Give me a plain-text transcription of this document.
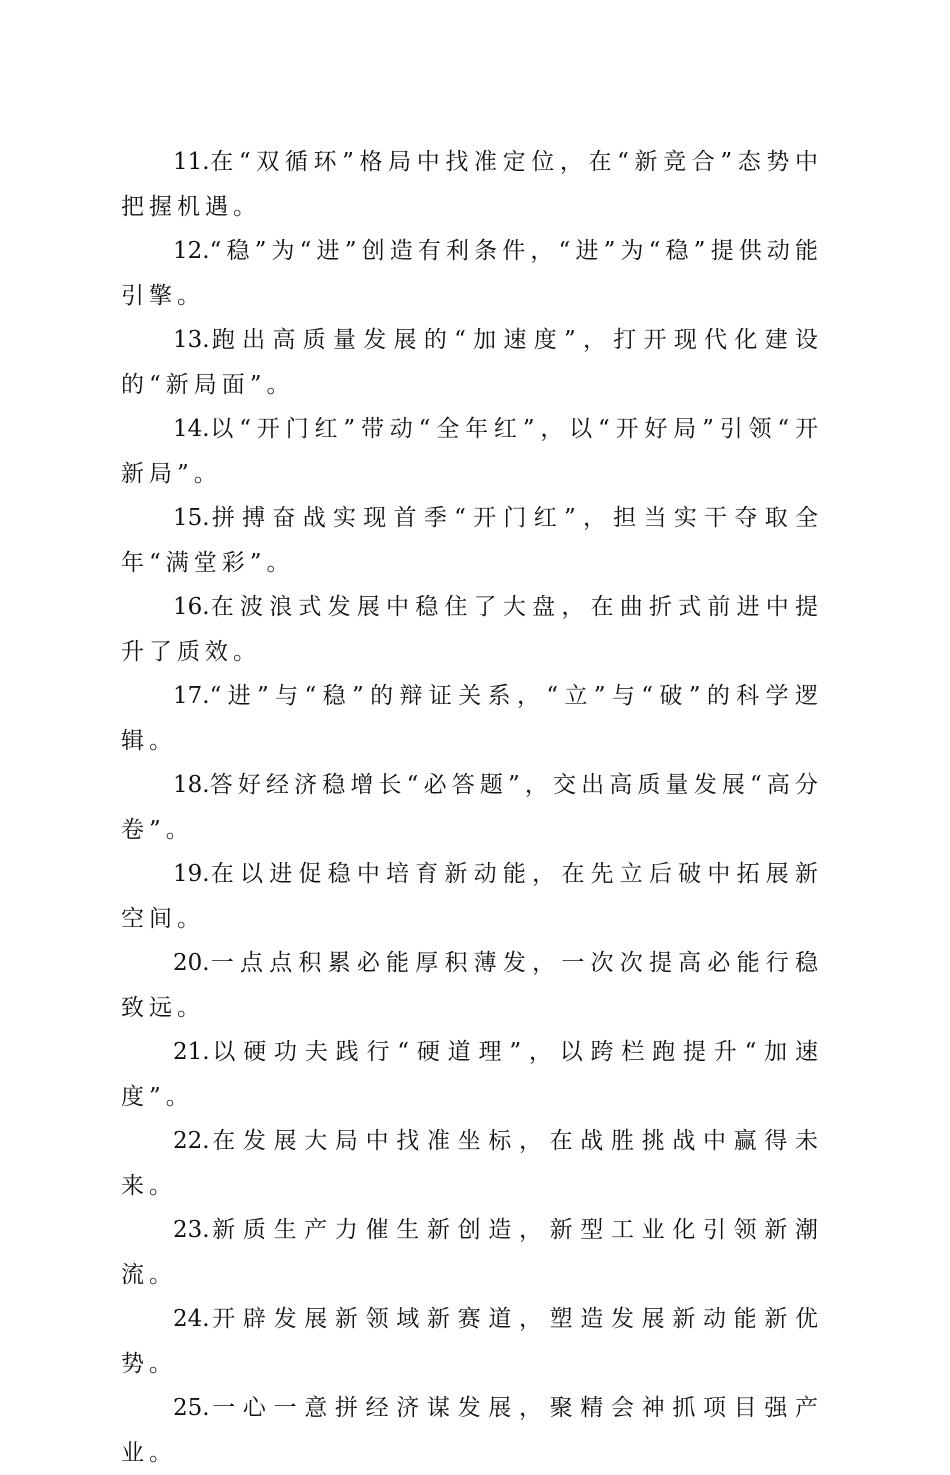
11.在“双循环”格局中找准定位，在“新竞合”态势中把握机遇。

12.“稳”为“进”创造有利条件，“进”为“稳”提供动能引擎。

13.跑出高质量发展的“加速度”，打开现代化建设的“新局面”。

14.以“开门红”带动“全年红”，以“开好局”引领“开新局”。

15.拼搏奋战实现首季“开门红”，担当实干夺取全年“满堂彩”。

16.在波浪式发展中稳住了大盘，在曲折式前进中提升了质效。

17.“进”与“稳”的辩证关系，“立”与“破”的科学逻辑。

18.答好经济稳增长“必答题”，交出高质量发展“高分卷”。

19.在以进促稳中培育新动能，在先立后破中拓展新空间。

20.一点点积累必能厚积薄发，一次次提高必能行稳致远。

21.以硬功夫践行“硬道理”，以跨栏跑提升“加速度”。

22.在发展大局中找准坐标，在战胜挑战中赢得未来。

23.新质生产力催生新创造，新型工业化引领新潮流。

24.开辟发展新领域新赛道，塑造发展新动能新优势。

25.一心一意拼经济谋发展，聚精会神抓项目强产业。
